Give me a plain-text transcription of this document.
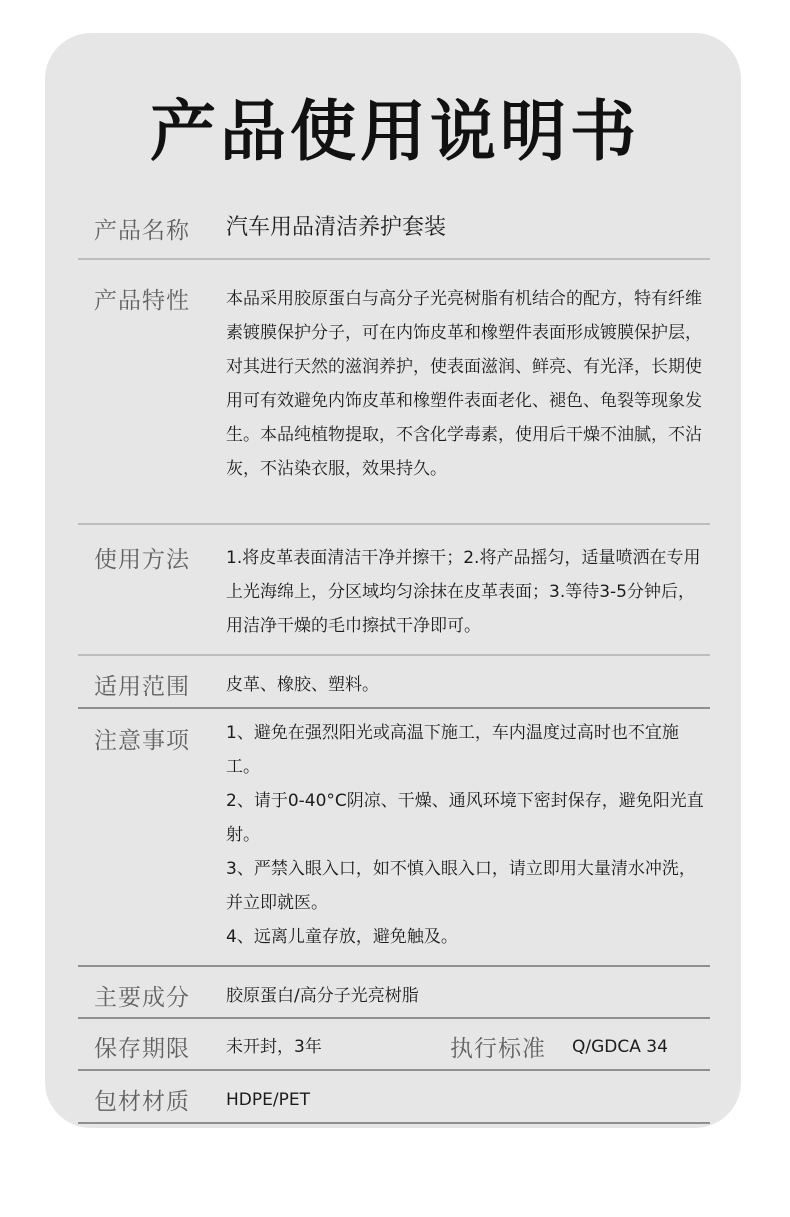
产品使用说明书
产品名称 汽车用品清洁养护套装
产品特性 本品采用胶原蛋白与高分子光亮树脂有机结合的配方，特有纤维素镀膜保护分子，可在内饰皮革和橡塑件表面形成镀膜保护层，对其进行天然的滋润养护，使表面滋润、鲜亮、有光泽，长期使用可有效避免内饰皮革和橡塑件表面老化、褪色、龟裂等现象发生。本品纯植物提取，不含化学毒素，使用后干燥不油腻，不沾灰，不沾染衣服，效果持久。
使用方法 1.将皮革表面清洁干净并擦干；2.将产品摇匀，适量喷洒在专用上光海绵上，分区域均匀涂抹在皮革表面；3.等待3-5分钟后，用洁净干燥的毛巾擦拭干净即可。
适用范围 皮革、橡胶、塑料。
注意事项 1、避免在强烈阳光或高温下施工，车内温度过高时也不宜施工。

2、请于0-40°C阴凉、干燥、通风环境下密封保存，避免阳光直射。

3、严禁入眼入口，如不慎入眼入口，请立即用大量清水冲洗，并立即就医。

4、远离儿童存放，避免触及。

主要成分 胶原蛋白/高分子光亮树脂
保存期限 未开封，3年	执行标准 Q/GDCA 34
包材材质 HDPE/PET
